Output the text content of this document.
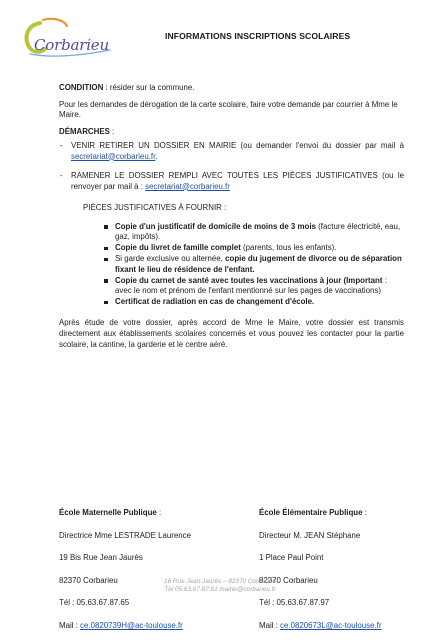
Corbarieu	INFORMATIONS INSCRIPTIONS SCOLAIRES

CONDITION : résider sur la commune.

Pour les demandes de dérogation de la carte scolaire, faire votre demande par courrier à Mme le Maire.

DÉMARCHES :

- VENIR RETIRER UN DOSSIER EN MAIRIE (ou demander l'envoi du dossier par mail à secretariat@corbarieu.fr.

- RAMENER LE DOSSIER REMPLI AVEC TOUTES LES PIÈCES JUSTIFICATIVES (ou le renvoyer par mail à : secretariat@corbarieu.fr

PIÈCES JUSTIFICATIVES À FOURNIR :

Copie d'un justificatif de domicile de moins de 3 mois (facture électricité, eau, gaz, impôts).
Copie du livret de famille complet (parents, tous les enfants).
Si garde exclusive ou alternée, copie du jugement de divorce ou de séparation fixant le lieu de résidence de l'enfant.
Copie du carnet de santé avec toutes les vaccinations à jour (Important : avec le nom et prénom de l'enfant mentionné sur les pages de vaccinations)
Certificat de radiation en cas de changement d'école.

Après étude de votre dossier, après accord de Mme le Maire, votre dossier est transmis directement aux établissements scolaires concernés et vous pouvez les contacter pour la partie scolaire, la cantine, la garderie et le centre aéré.

École Maternelle Publique :
Directrice Mme LESTRADE Laurence
19 Bis Rue Jean Jaurès
82370 Corbarieu
Tél : 05.63.67.87.65
Mail : ce.0820739H@ac-toulouse.fr
École Élémentaire Publique :
Directeur M. JEAN Stéphane
1 Place Paul Point
82370 Corbarieu
Tél : 05.63.67.87.97
Mail : ce.0820673L@ac-toulouse.fr
16 Rue Jean Jaurès – 82370 Corbarieu
Tél 05.63.67.87.61 mairie@corbarieu.fr
